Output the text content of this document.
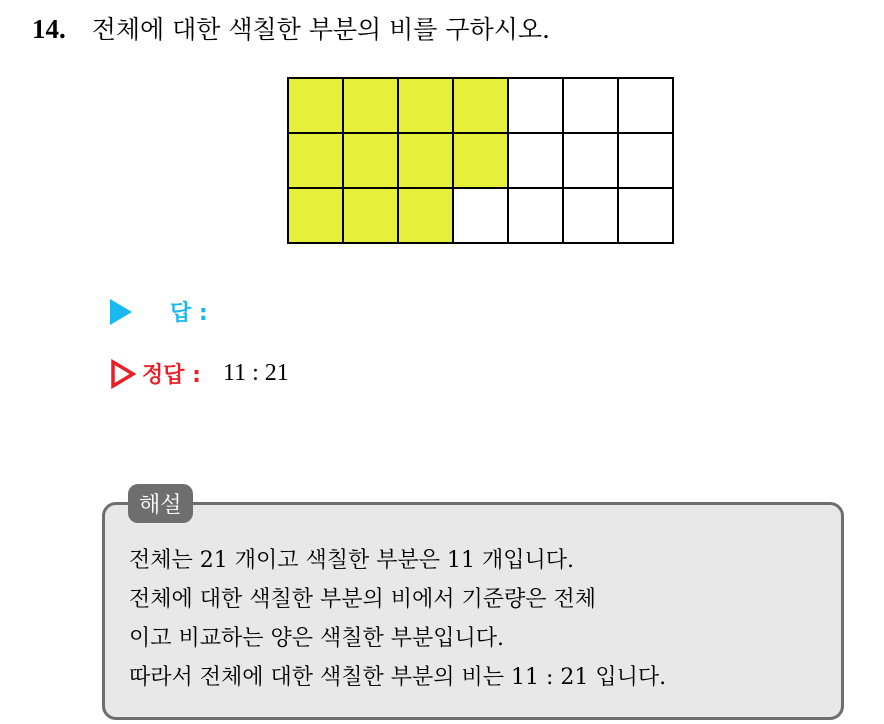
14. 전체에 대한 색칠한 부분의 비를 구하시오.
답 :
정답 : 11 : 21
전체는 21 개이고 색칠한 부분은 11 개입니다.
전체에 대한 색칠한 부분의 비에서 기준량은 전체
이고 비교하는 양은 색칠한 부분입니다.
따라서 전체에 대한 색칠한 부분의 비는 11 : 21 입니다.
해설
